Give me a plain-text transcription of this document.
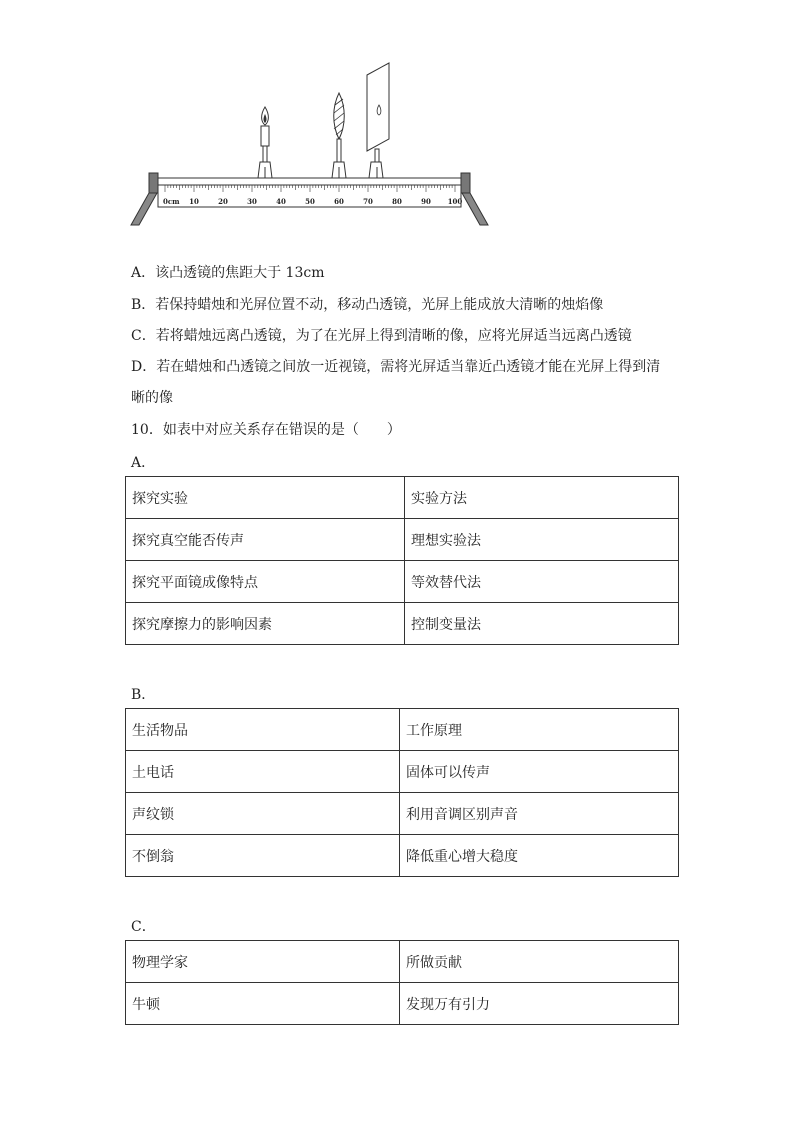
0cm 10	20	30	40	50	60	70	80	90 100
A．该凸透镜的焦距大于 13cm
B．若保持蜡烛和光屏位置不动，移动凸透镜，光屏上能成放大清晰的烛焰像
C．若将蜡烛远离凸透镜，为了在光屏上得到清晰的像，应将光屏适当远离凸透镜
D．若在蜡烛和凸透镜之间放一近视镜，需将光屏适当靠近凸透镜才能在光屏上得到清
晰的像
10．如表中对应关系存在错误的是（　　）
A．
探究实验	实验方法
探究真空能否传声	理想实验法
探究平面镜成像特点	等效替代法
探究摩擦力的影响因素	控制变量法
B．
生活物品	工作原理
土电话	固体可以传声
声纹锁	利用音调区别声音
不倒翁	降低重心增大稳度
C．
物理学家	所做贡献
牛顿	发现万有引力
